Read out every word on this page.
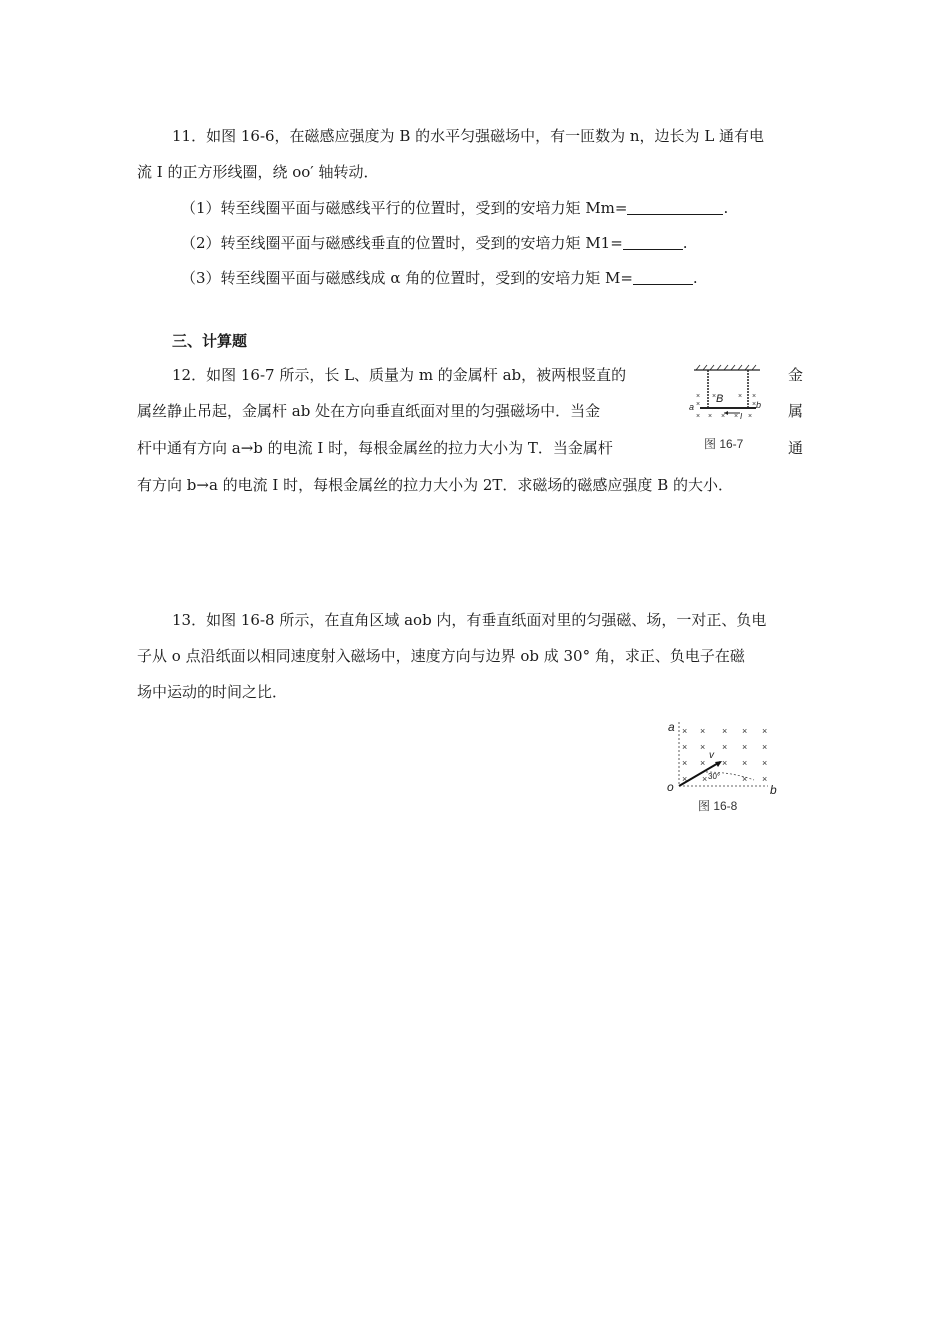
11．如图 16-6，在磁感应强度为 B 的水平匀强磁场中，有一匝数为 n，边长为 L 通有电
流 I 的正方形线圈，绕 oo′ 轴转动．
（1）转至线圈平面与磁感线平行的位置时，受到的安培力矩 Mm=	.
（2）转至线圈平面与磁感线垂直的位置时，受到的安培力矩 M1=	.
（3）转至线圈平面与磁感线成 α 角的位置时，受到的安培力矩 M=	.
三、计算题
12．如图 16-7 所示，长 L、质量为 m 的金属杆 ab，被两根竖直的
属丝静止吊起，金属杆 ab 处在方向垂直纸面对里的匀强磁场中．当金
杆中通有方向 a→b 的电流 I 时，每根金属丝的拉力大小为 T．当金属杆
有方向 b→a 的电流 I 时，每根金属丝的拉力大小为 2T．求磁场的磁感应强度 B 的大小．
金
属
通
× ×	× ×
× × × × ×
×	×
B
a	b
I
图 16-7
13．如图 16-8 所示，在直角区域 aob 内，有垂直纸面对里的匀强磁、场，一对正、负电
子从 o 点沿纸面以相同速度射入磁场中，速度方向与边界 ob 成 30° 角，求正、负电子在磁
场中运动的时间之比．
× × × × ×
× × × × ×
× × × × ×
× ×	× ×
v
30°
a
o	b
图 16-8
